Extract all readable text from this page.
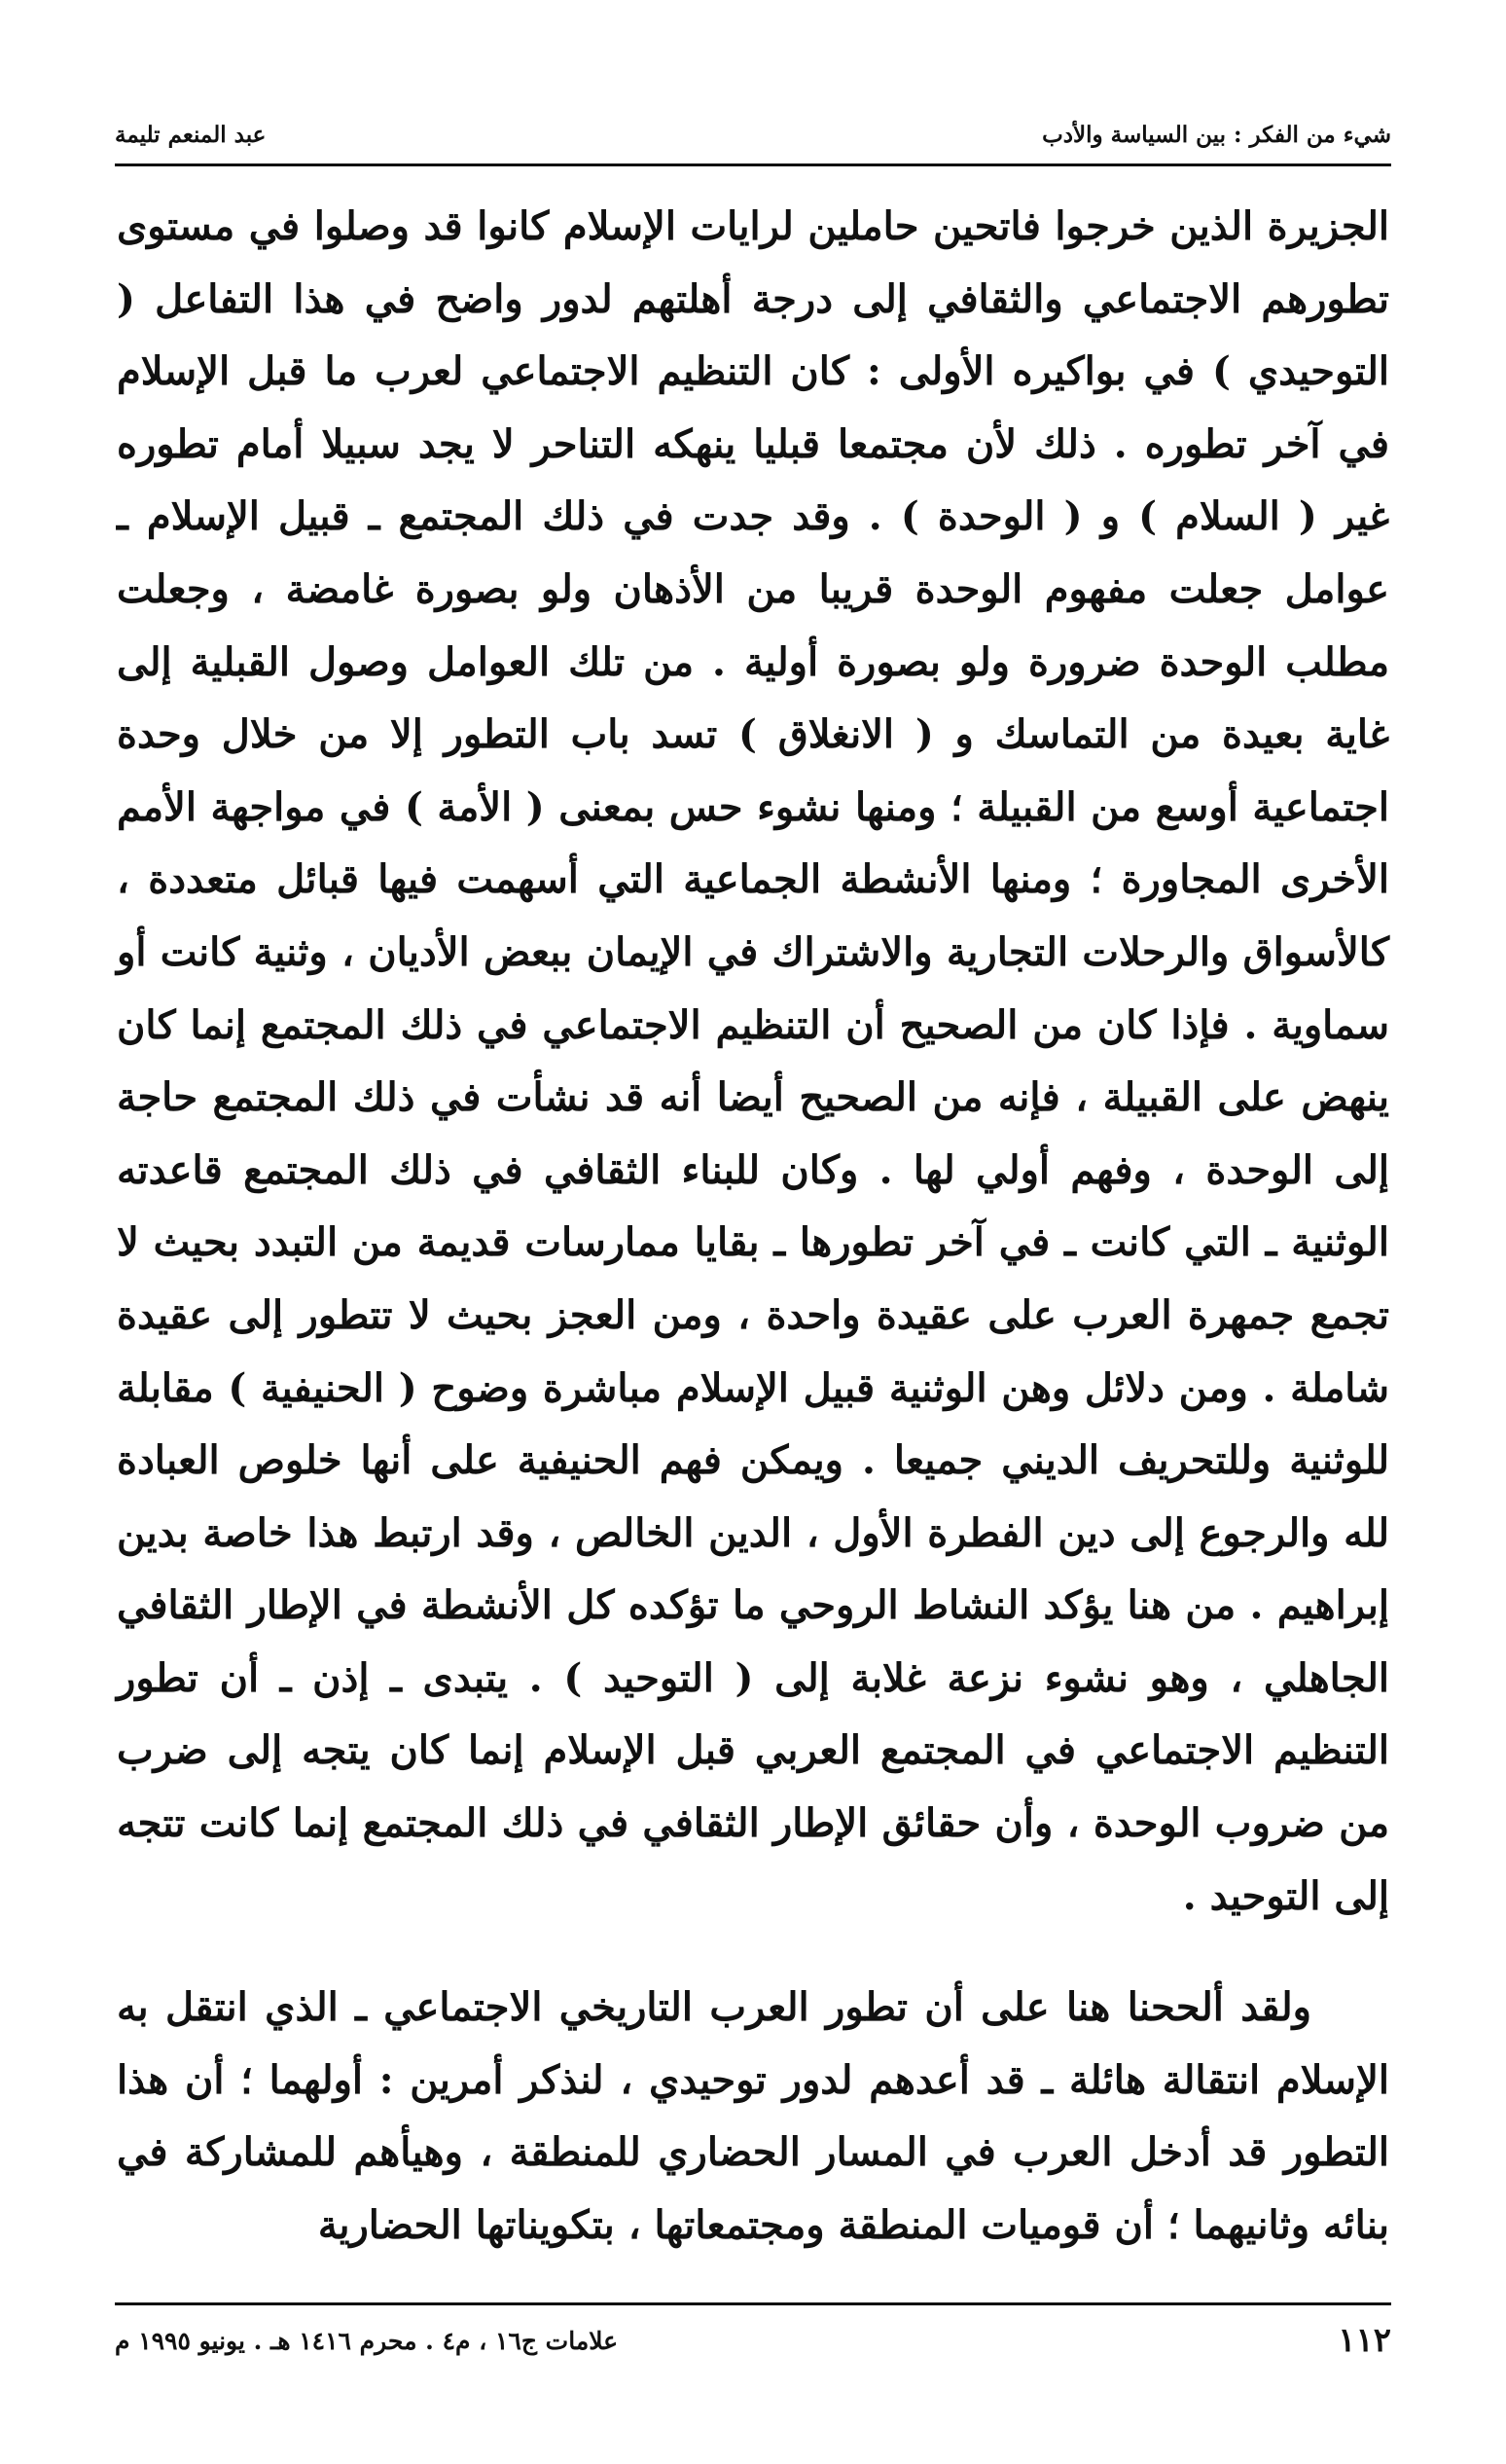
شيء من الفكر : بين السياسة والأدب
عبد المنعم تليمة

الجزيرة الذين خرجوا فاتحين حاملين لرايات الإسلام كانوا قد وصلوا في مستوى تطورهم الاجتماعي والثقافي إلى درجة أهلتهم لدور واضح في هذا التفاعل ( التوحيدي ) في بواكيره الأولى : كان التنظيم الاجتماعي لعرب ما قبل الإسلام في آخر تطوره . ذلك لأن مجتمعا قبليا ينهكه التناحر لا يجد سبيلا أمام تطوره غير ( السلام ) و ( الوحدة ) . وقد جدت في ذلك المجتمع ـ قبيل الإسلام ـ عوامل جعلت مفهوم الوحدة قريبا من الأذهان ولو بصورة غامضة ، وجعلت مطلب الوحدة ضرورة ولو بصورة أولية . من تلك العوامل وصول القبلية إلى غاية بعيدة من التماسك و ( الانغلاق ) تسد باب التطور إلا من خلال وحدة اجتماعية أوسع من القبيلة ؛ ومنها نشوء حس بمعنى ( الأمة ) في مواجهة الأمم الأخرى المجاورة ؛ ومنها الأنشطة الجماعية التي أسهمت فيها قبائل متعددة ، كالأسواق والرحلات التجارية والاشتراك في الإيمان ببعض الأديان ، وثنية كانت أو سماوية . فإذا كان من الصحيح أن التنظيم الاجتماعي في ذلك المجتمع إنما كان ينهض على القبيلة ، فإنه من الصحيح أيضا أنه قد نشأت في ذلك المجتمع حاجة إلى الوحدة ، وفهم أولي لها . وكان للبناء الثقافي في ذلك المجتمع قاعدته الوثنية ـ التي كانت ـ في آخر تطورها ـ بقايا ممارسات قديمة من التبدد بحيث لا تجمع جمهرة العرب على عقيدة واحدة ، ومن العجز بحيث لا تتطور إلى عقيدة شاملة . ومن دلائل وهن الوثنية قبيل الإسلام مباشرة وضوح ( الحنيفية ) مقابلة للوثنية وللتحريف الديني جميعا . ويمكن فهم الحنيفية على أنها خلوص العبادة لله والرجوع إلى دين الفطرة الأول ، الدين الخالص ، وقد ارتبط هذا خاصة بدين إبراهيم . من هنا يؤكد النشاط الروحي ما تؤكده كل الأنشطة في الإطار الثقافي الجاهلي ، وهو نشوء نزعة غلابة إلى ( التوحيد ) . يتبدى ـ إذن ـ أن تطور التنظيم الاجتماعي في المجتمع العربي قبل الإسلام إنما كان يتجه إلى ضرب من ضروب الوحدة ، وأن حقائق الإطار الثقافي في ذلك المجتمع إنما كانت تتجه إلى التوحيد .

ولقد ألححنا هنا على أن تطور العرب التاريخي الاجتماعي ـ الذي انتقل به الإسلام انتقالة هائلة ـ قد أعدهم لدور توحيدي ، لنذكر أمرين : أولهما ؛ أن هذا التطور قد أدخل العرب في المسار الحضاري للمنطقة ، وهيأهم للمشاركة في بنائه وثانيهما ؛ أن قوميات المنطقة ومجتمعاتها ، بتكويناتها الحضارية

١١٢
علامات ج١٦ ، م٤ . محرم ١٤١٦ هـ . يونيو ١٩٩٥ م
